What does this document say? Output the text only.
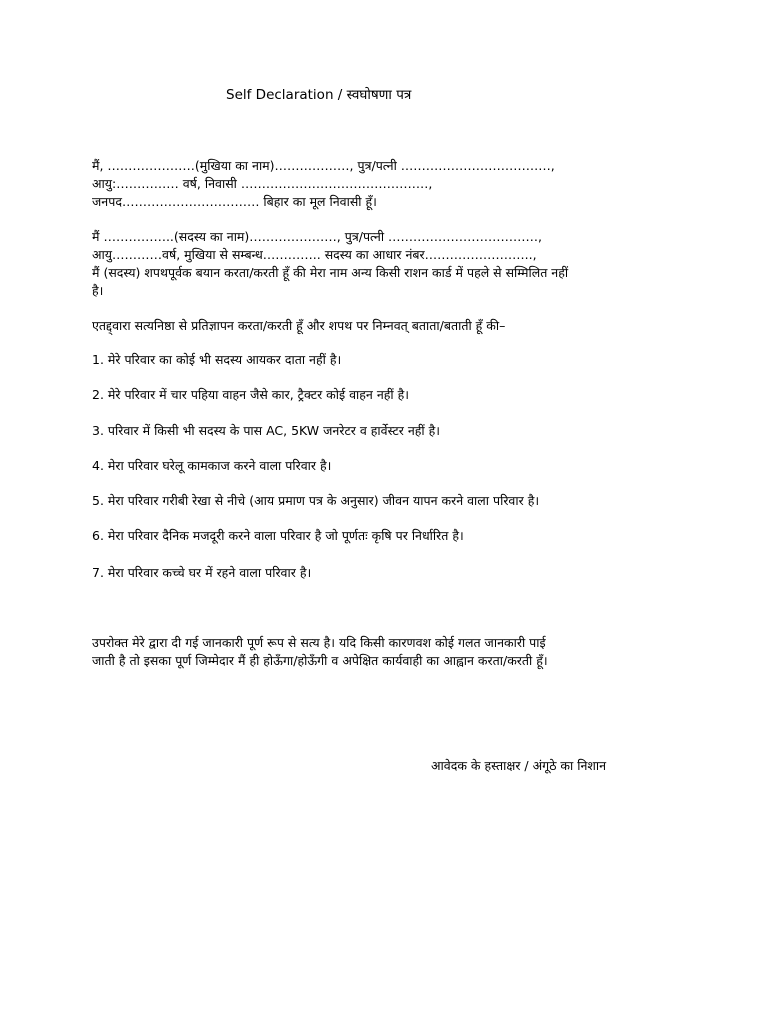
Self Declaration / स्वघोषणा पत्र
मैं, …………………(मुखिया का नाम)………………, पुत्र/पत्नी ………………………………,
आयु:…………… वर्ष, निवासी ………………………………………,
जनपद…………………………… बिहार का मूल निवासी हूँ।
मैं ……………..(सदस्य का नाम)…………………, पुत्र/पत्नी ………………………………,
आयु…………वर्ष, मुखिया से सम्बन्ध………….. सदस्य का आधार नंबर……………………..,
मैं (सदस्य) शपथपूर्वक बयान करता/करती हूँ की मेरा नाम अन्य किसी राशन कार्ड में पहले से सम्मिलित नहीं
है।
एतद्द्वारा सत्यनिष्ठा से प्रतिज्ञापन करता/करती हूँ और शपथ पर निम्नवत् बताता/बताती हूँ की–
1. मेरे परिवार का कोई भी सदस्य आयकर दाता नहीं है।
2. मेरे परिवार में चार पहिया वाहन जैसे कार, ट्रैक्टर कोई वाहन नहीं है।
3. परिवार में किसी भी सदस्य के पास AC, 5KW जनरेटर व हार्वेस्टर नहीं है।
4. मेरा परिवार घरेलू कामकाज करने वाला परिवार है।
5. मेरा परिवार गरीबी रेखा से नीचे (आय प्रमाण पत्र के अनुसार) जीवन यापन करने वाला परिवार है।
6. मेरा परिवार दैनिक मजदूरी करने वाला परिवार है जो पूर्णतः कृषि पर निर्धारित है।
7. मेरा परिवार कच्चे घर में रहने वाला परिवार है।
उपरोक्त मेरे द्वारा दी गई जानकारी पूर्ण रूप से सत्य है। यदि किसी कारणवश कोई गलत जानकारी पाई
जाती है तो इसका पूर्ण जिम्मेदार मैं ही होऊँगा/होऊँगी व अपेक्षित कार्यवाही का आह्वान करता/करती हूँ।
आवेदक के हस्ताक्षर / अंगूठे का निशान
